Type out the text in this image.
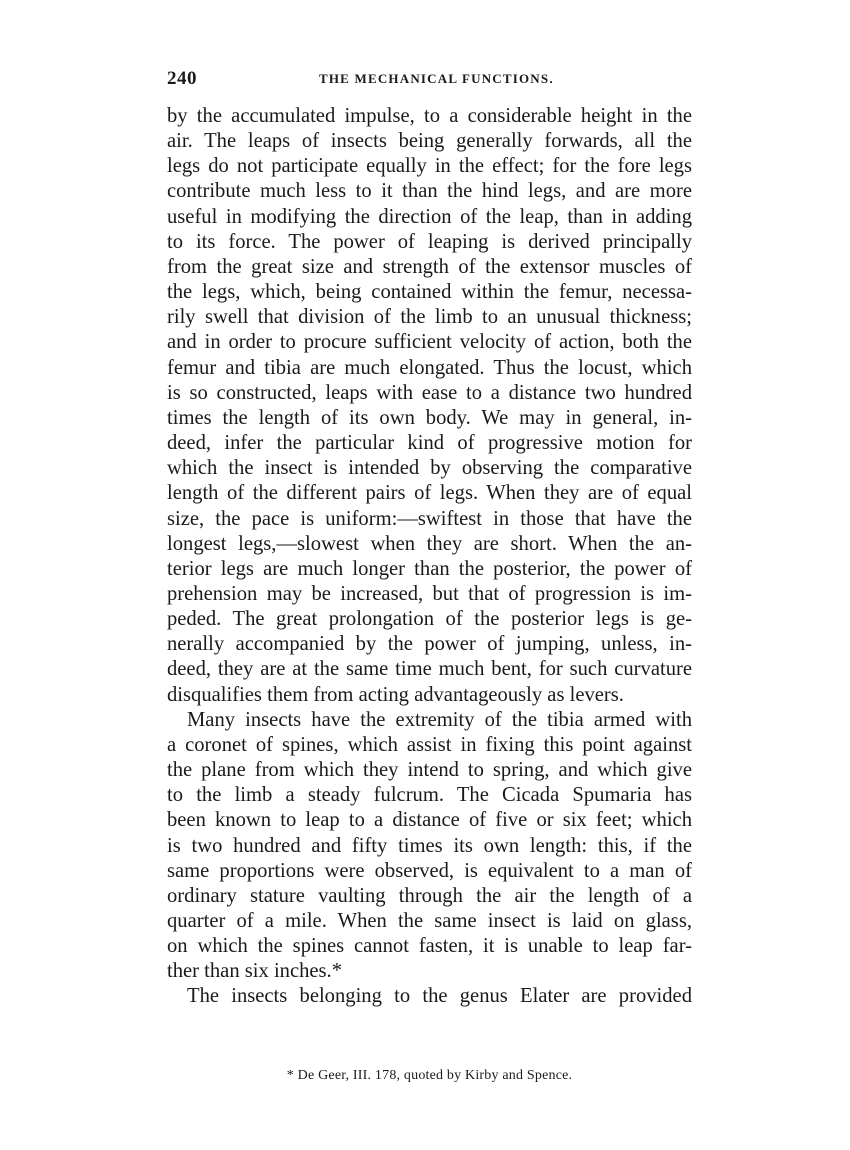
240	THE MECHANICAL FUNCTIONS.
by the accumulated impulse, to a considerable height in the
air. The leaps of insects being generally forwards, all the
legs do not participate equally in the effect; for the fore legs
contribute much less to it than the hind legs, and are more
useful in modifying the direction of the leap, than in adding
to its force. The power of leaping is derived principally
from the great size and strength of the extensor muscles of
the legs, which, being contained within the femur, necessa-
rily swell that division of the limb to an unusual thickness;
and in order to procure sufficient velocity of action, both the
femur and tibia are much elongated. Thus the locust, which
is so constructed, leaps with ease to a distance two hundred
times the length of its own body. We may in general, in-
deed, infer the particular kind of progressive motion for
which the insect is intended by observing the comparative
length of the different pairs of legs. When they are of equal
size, the pace is uniform:—swiftest in those that have the
longest legs,—slowest when they are short. When the an-
terior legs are much longer than the posterior, the power of
prehension may be increased, but that of progression is im-
peded. The great prolongation of the posterior legs is ge-
nerally accompanied by the power of jumping, unless, in-
deed, they are at the same time much bent, for such curvature
disqualifies them from acting advantageously as levers.
Many insects have the extremity of the tibia armed with
a coronet of spines, which assist in fixing this point against
the plane from which they intend to spring, and which give
to the limb a steady fulcrum. The Cicada Spumaria has
been known to leap to a distance of five or six feet; which
is two hundred and fifty times its own length: this, if the
same proportions were observed, is equivalent to a man of
ordinary stature vaulting through the air the length of a
quarter of a mile. When the same insect is laid on glass,
on which the spines cannot fasten, it is unable to leap far-
ther than six inches.*
The insects belonging to the genus Elater are provided
* De Geer, III. 178, quoted by Kirby and Spence.
